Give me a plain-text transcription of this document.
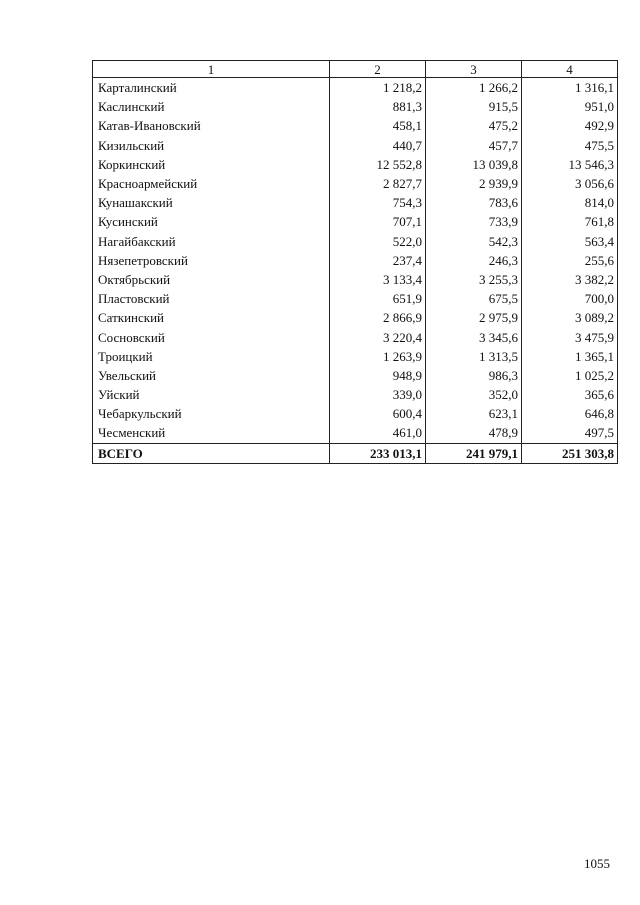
1	2	3	4
Карталинский	1 218,2	1 266,2	1 316,1
Каслинский	881,3	915,5	951,0
Катав-Ивановский	458,1	475,2	492,9
Кизильский	440,7	457,7	475,5
Коркинский	12 552,8	13 039,8	13 546,3
Красноармейский	2 827,7	2 939,9	3 056,6
Кунашакский	754,3	783,6	814,0
Кусинский	707,1	733,9	761,8
Нагайбакский	522,0	542,3	563,4
Нязепетровский	237,4	246,3	255,6
Октябрьский	3 133,4	3 255,3	3 382,2
Пластовский	651,9	675,5	700,0
Саткинский	2 866,9	2 975,9	3 089,2
Сосновский	3 220,4	3 345,6	3 475,9
Троицкий	1 263,9	1 313,5	1 365,1
Увельский	948,9	986,3	1 025,2
Уйский	339,0	352,0	365,6
Чебаркульский	600,4	623,1	646,8
Чесменский	461,0	478,9	497,5
ВСЕГО	233 013,1	241 979,1	251 303,8
1055
